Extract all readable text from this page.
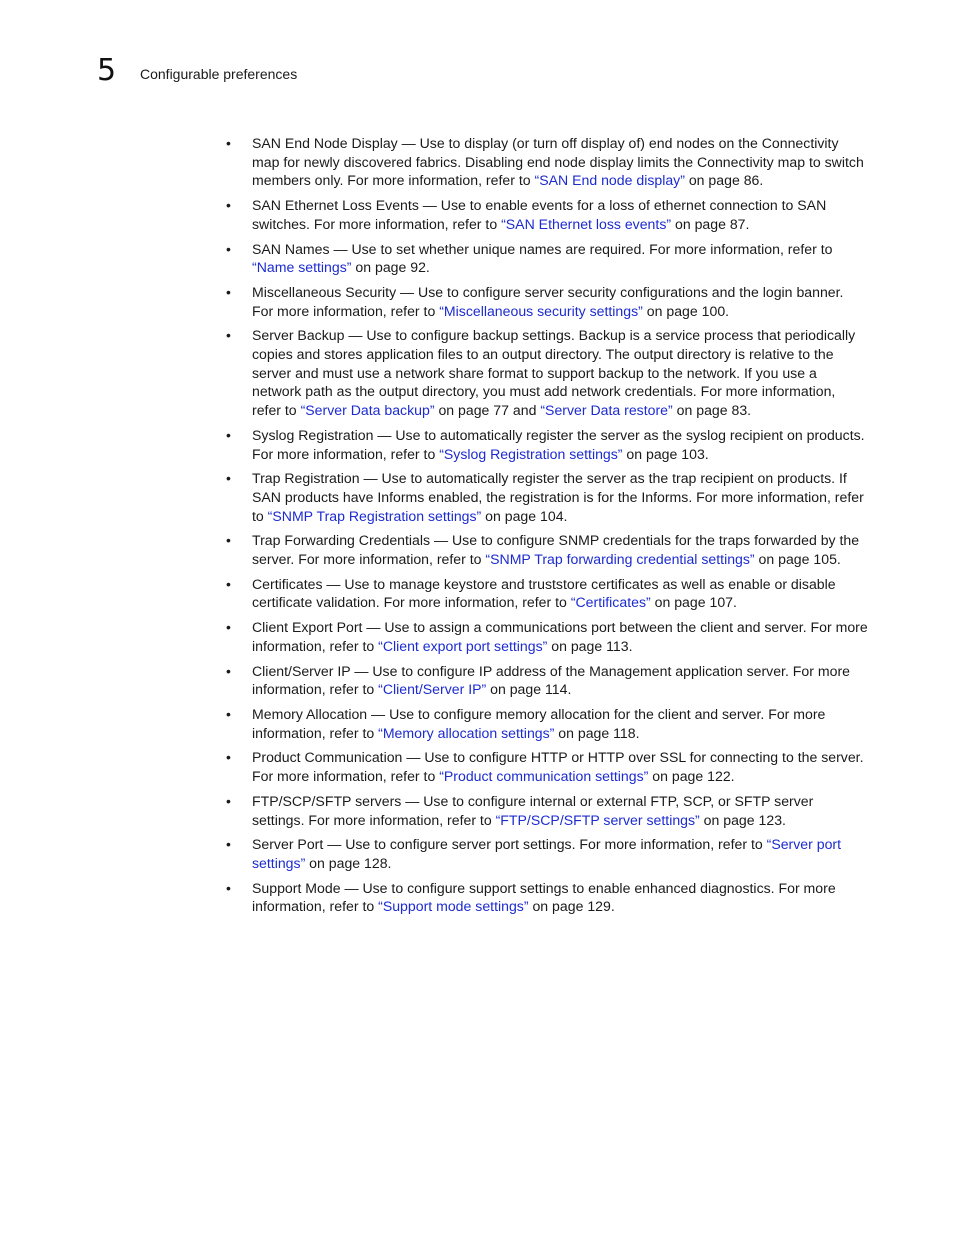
5 Configurable preferences
•	SAN End Node Display — Use to display (or turn off display of) end nodes on the Connectivity map for newly discovered fabrics. Disabling end node display limits the Connectivity map to switch members only. For more information, refer to “SAN End node display” on page 86.
•	SAN Ethernet Loss Events — Use to enable events for a loss of ethernet connection to SAN switches. For more information, refer to “SAN Ethernet loss events” on page 87.
•	SAN Names — Use to set whether unique names are required. For more information, refer to “Name settings” on page 92.
•	Miscellaneous Security — Use to configure server security configurations and the login banner. For more information, refer to “Miscellaneous security settings” on page 100.
•	Server Backup — Use to configure backup settings. Backup is a service process that periodically copies and stores application files to an output directory. The output directory is relative to the server and must use a network share format to support backup to the network. If you use a network path as the output directory, you must add network credentials. For more information, refer to “Server Data backup” on page 77 and “Server Data restore” on page 83.
•	Syslog Registration — Use to automatically register the server as the syslog recipient on products. For more information, refer to “Syslog Registration settings” on page 103.
•	Trap Registration — Use to automatically register the server as the trap recipient on products. If SAN products have Informs enabled, the registration is for the Informs. For more information, refer to “SNMP Trap Registration settings” on page 104.
•	Trap Forwarding Credentials — Use to configure SNMP credentials for the traps forwarded by the server. For more information, refer to “SNMP Trap forwarding credential settings” on page 105.
•	Certificates — Use to manage keystore and truststore certificates as well as enable or disable certificate validation. For more information, refer to “Certificates” on page 107.
•	Client Export Port — Use to assign a communications port between the client and server. For more information, refer to “Client export port settings” on page 113.
•	Client/Server IP — Use to configure IP address of the Management application server. For more information, refer to “Client/Server IP” on page 114.
•	Memory Allocation — Use to configure memory allocation for the client and server. For more information, refer to “Memory allocation settings” on page 118.
•	Product Communication — Use to configure HTTP or HTTP over SSL for connecting to the server. For more information, refer to “Product communication settings” on page 122.
•	FTP/SCP/SFTP servers — Use to configure internal or external FTP, SCP, or SFTP server settings. For more information, refer to “FTP/SCP/SFTP server settings” on page 123.
•	Server Port — Use to configure server port settings. For more information, refer to “Server port settings” on page 128.
•	Support Mode — Use to configure support settings to enable enhanced diagnostics. For more information, refer to “Support mode settings” on page 129.
